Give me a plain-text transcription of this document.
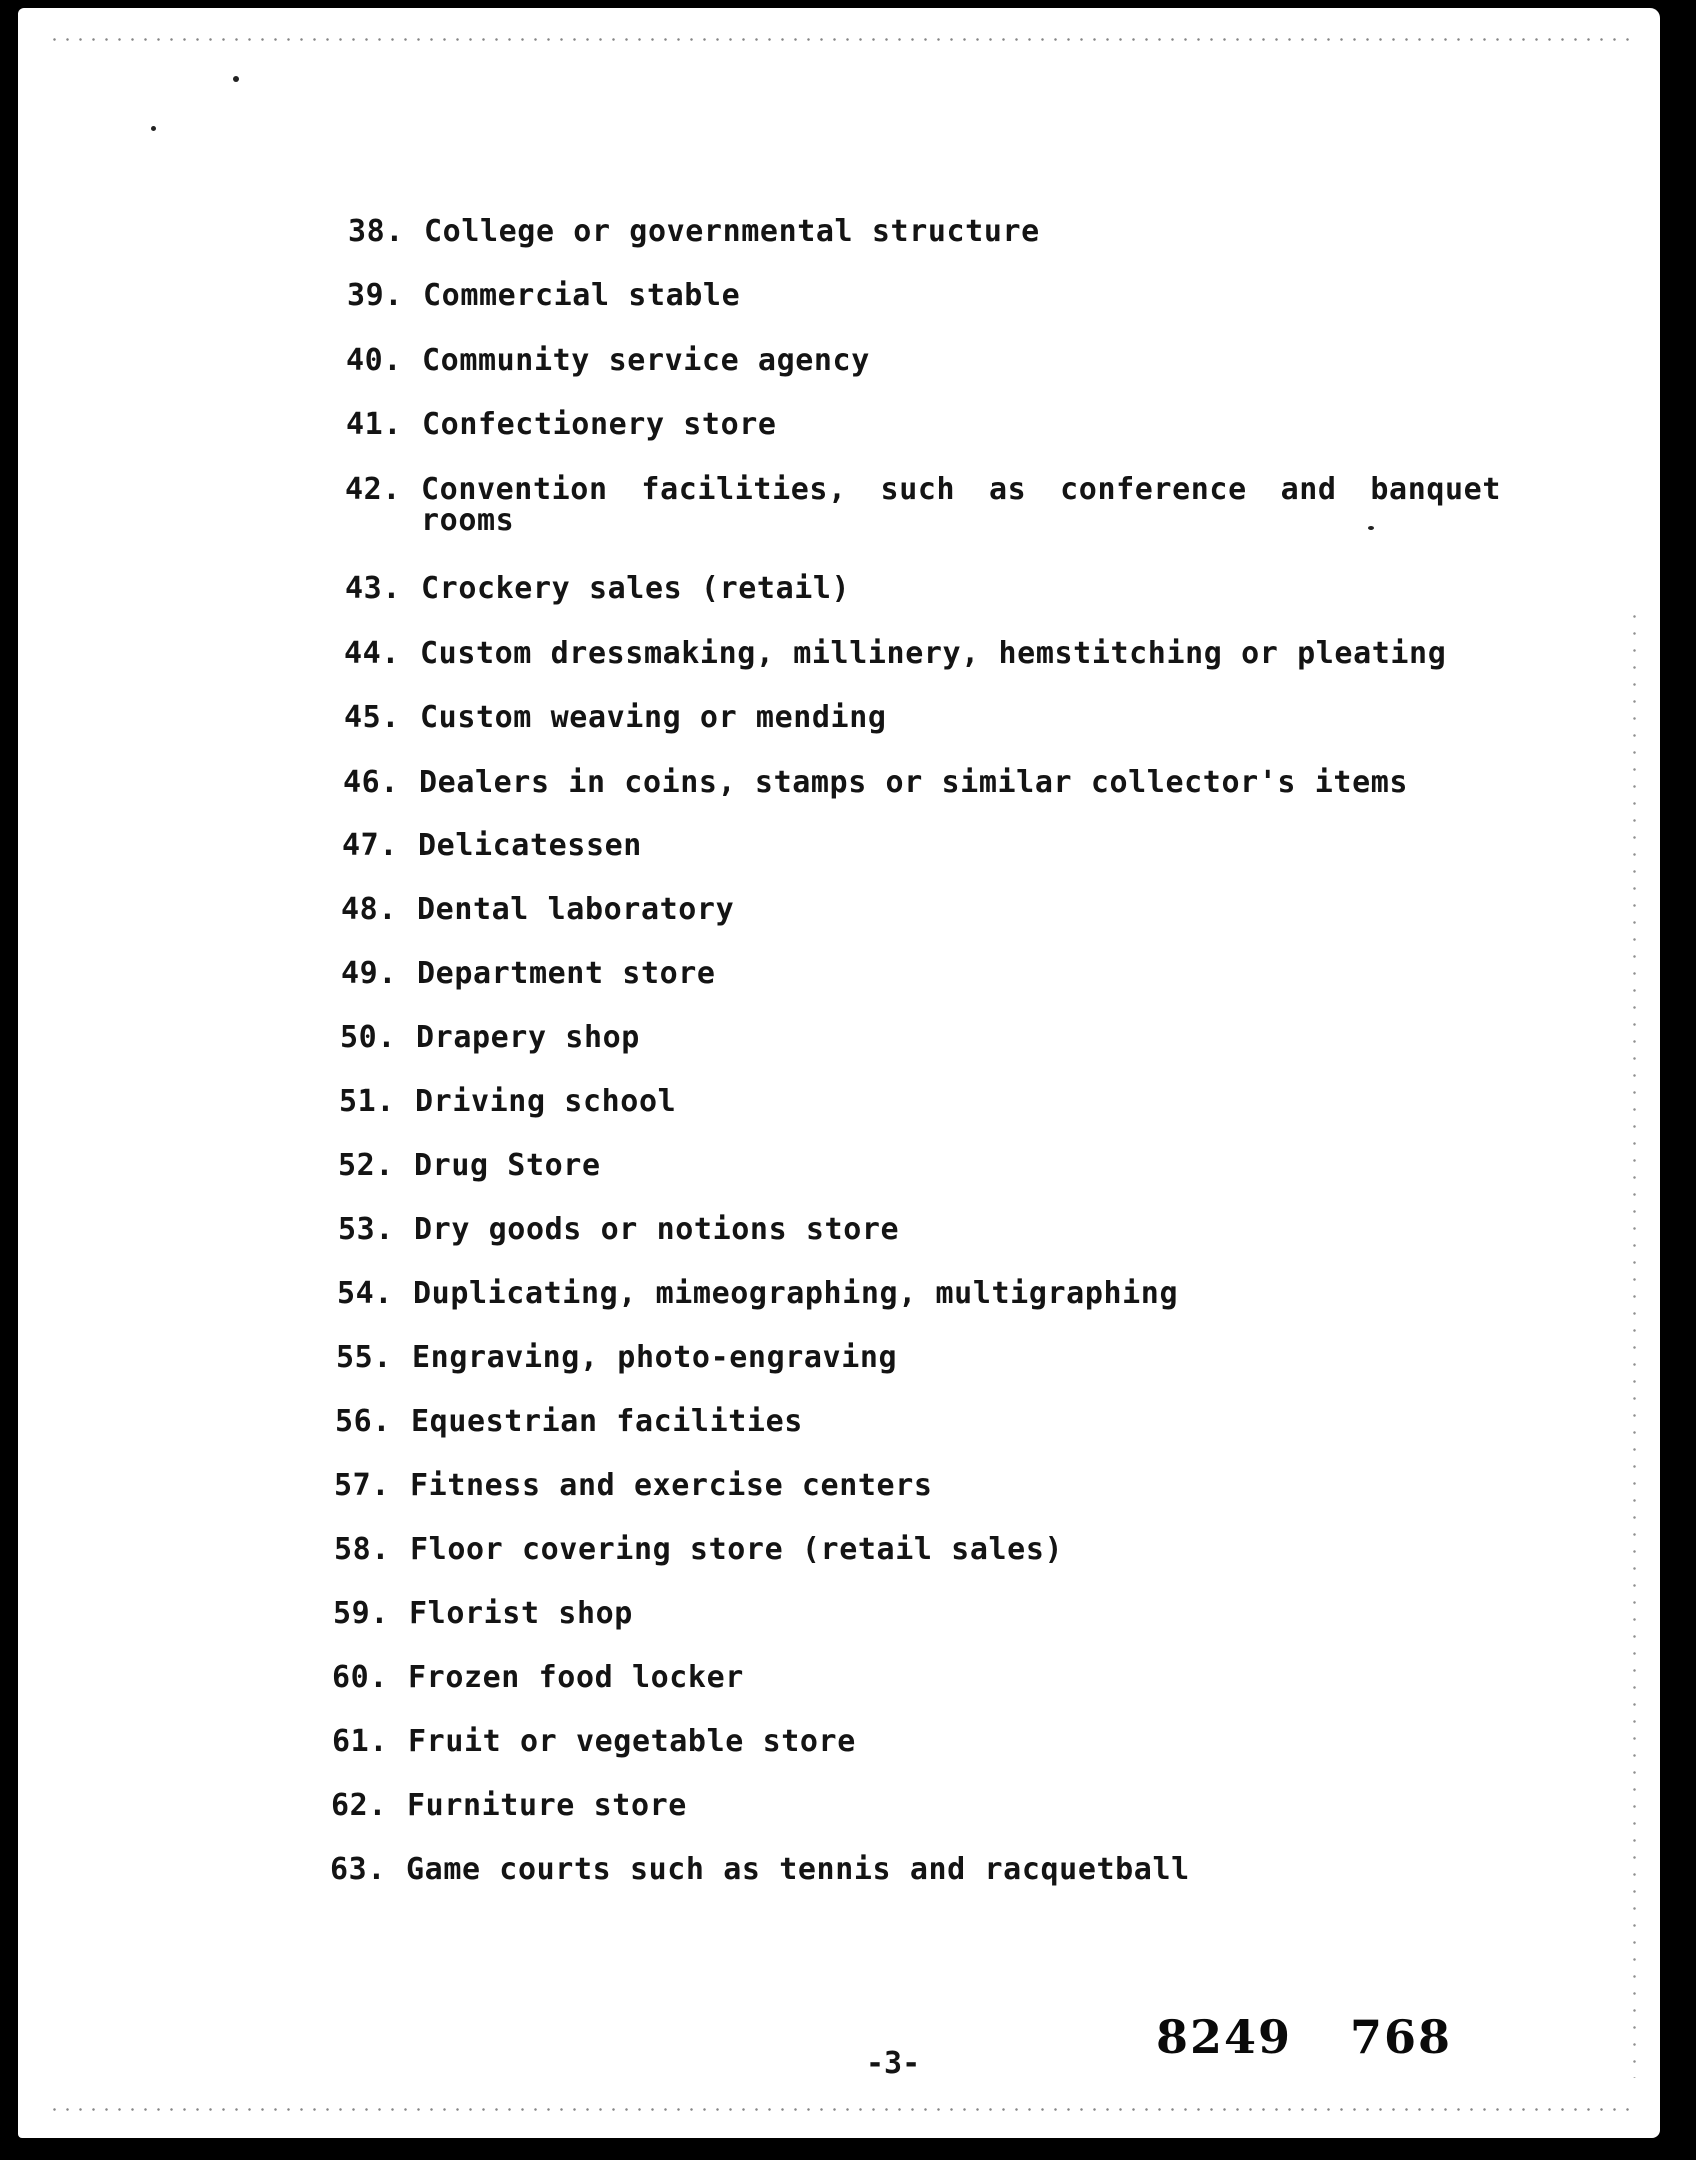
38. College or governmental structure
39. Commercial stable
40. Community service agency
41. Confectionery store
42. Convention facilities, such as conference and banquet
rooms
43. Crockery sales (retail)
44. Custom dressmaking, millinery, hemstitching or pleating
45. Custom weaving or mending
46. Dealers in coins, stamps or similar collector's items
47. Delicatessen
48. Dental laboratory
49. Department store
50. Drapery shop
51. Driving school
52. Drug Store
53. Dry goods or notions store
54. Duplicating, mimeographing, multigraphing
55. Engraving, photo-engraving
56. Equestrian facilities
57. Fitness and exercise centers
58. Floor covering store (retail sales)
59. Florist shop
60. Frozen food locker
61. Fruit or vegetable store
62. Furniture store
63. Game courts such as tennis and racquetball
-3-	8249 768
